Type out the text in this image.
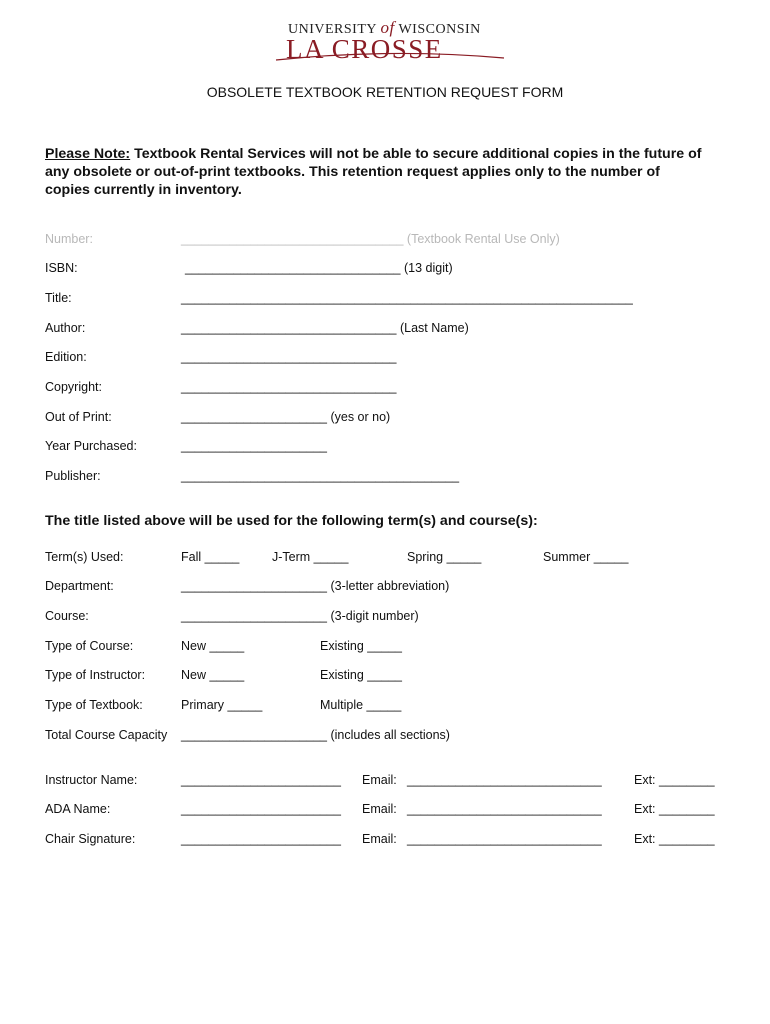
UNIVERSITY of WISCONSIN
LA CROSSE
OBSOLETE TEXTBOOK RETENTION REQUEST FORM
Please Note: Textbook Rental Services will not be able to secure additional copies in the future of any obsolete or out-of-print textbooks. This retention request applies only to the number of copies currently in inventory.
Number:	________________________________ (Textbook Rental Use Only)
ISBN:	_______________________________ (13 digit)
Title:	_________________________________________________________________
Author:	_______________________________ (Last Name)
Edition:	_______________________________
Copyright:	_______________________________
Out of Print:	_____________________ (yes or no)
Year Purchased:	_____________________
Publisher:	________________________________________
The title listed above will be used for the following term(s) and course(s):
Term(s) Used:	Fall _____	J-Term _____	Spring _____	Summer _____
Department:	_____________________ (3-letter abbreviation)
Course:	_____________________ (3-digit number)
Type of Course:	New _____	Existing _____
Type of Instructor:	New _____	Existing _____
Type of Textbook:	Primary _____	Multiple _____
Total Course Capacity _____________________ (includes all sections)
Instructor Name:	_______________________ Email: ____________________________	Ext: ________
ADA Name:	_______________________ Email: ____________________________	Ext: ________
Chair Signature:	_______________________ Email: ____________________________	Ext: ________
